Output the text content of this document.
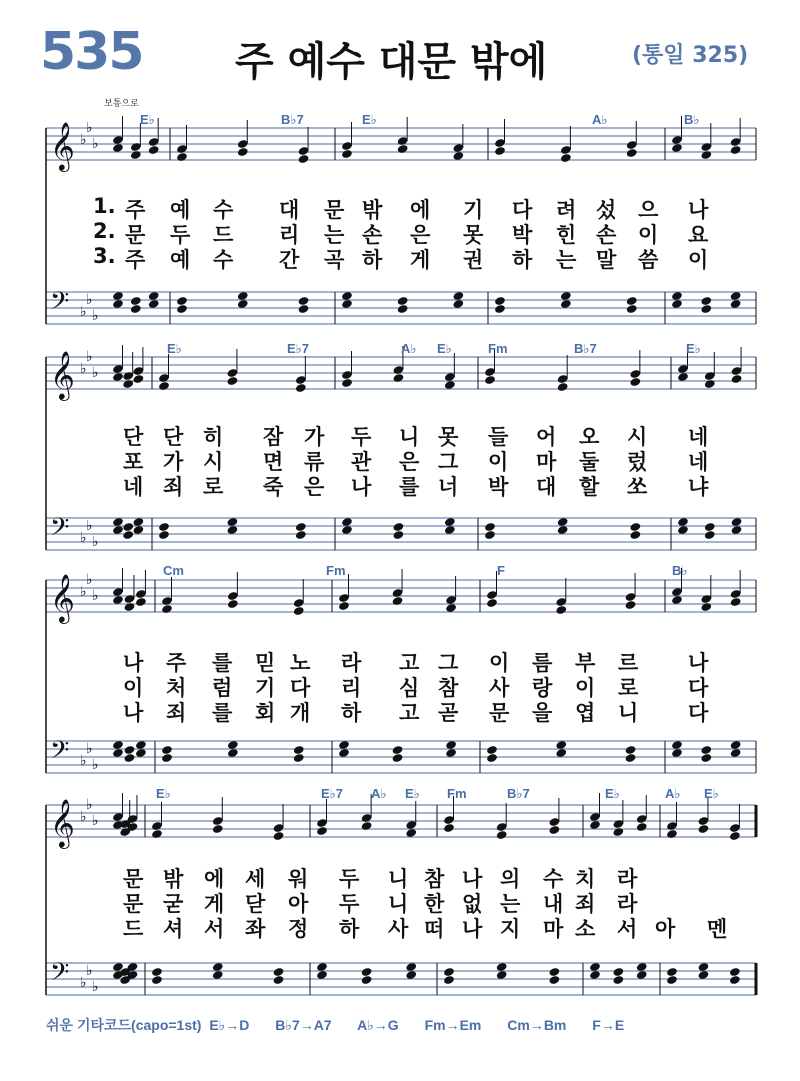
535 주 예수 대문 밖에	(통일 325)
보통으로
𝄞 ♭
♭
♭
𝄢 ♭
♭
♭
𝄞 ♭
♭
♭
𝄢 ♭
♭
♭
𝄞 ♭
♭
♭
𝄢 ♭
♭
♭
𝄞 ♭
♭
♭
𝄢 ♭
♭
♭
E♭	B♭7	E♭	A♭	B♭
1. 주 예 수 대 문 밖 에 기 다 려 섰 으 나
2. 문 두 드 리 는 손 은 못 박 힌 손 이 요
3. 주 예 수 간 곡 하 게 권 하 는 말 씀 이
E♭	E♭7	A♭ E♭	Fm	B♭7	E♭
단 단 히 잠 가 두 니 못 들 어 오 시 네
포 가 시 면 류 관 은 그 이 마 둘 렀 네
네 죄 로 죽 은 나 를 너 박 대 할 쏘 냐
Cm	Fm	F	B♭
나 주 를 믿 노 라 고 그 이 름 부 르 나
이 처 럼 기 다 리 심 참 사 랑 이 로 다
나 죄 를 회 개 하 고 곧 문 을 엽 니 다
E♭	E♭7 A♭ E♭ Fm	B♭7	E♭	A♭ E♭
문 밖 에 세 워 두 니 참 나 의 수 치 라
문 굳 게 닫 아 두 니 한 없 는 내 죄 라
드 셔 서 좌 정 하 사 떠 나 지 마 소 서 아 멘
쉬운 기타코드(capo=1st) E♭→D B♭7→A7 A♭→G Fm→Em Cm→Bm F→E
